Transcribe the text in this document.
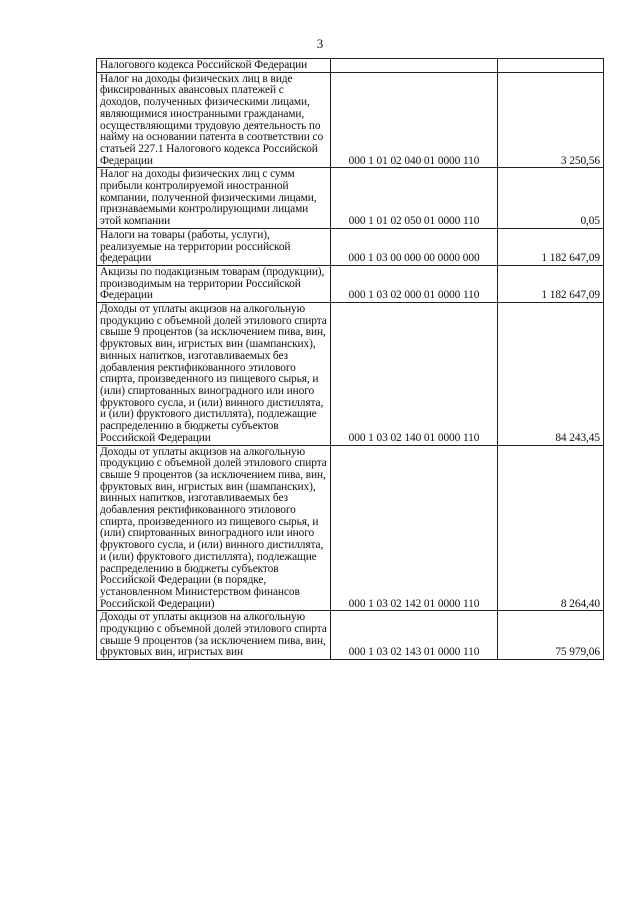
3
Налогового кодекса Российской Федерации		
Налог на доходы физических лиц в виде фиксированных авансовых платежей с доходов, полученных физическими лицами, являющимися иностранными гражданами, осуществляющими трудовую деятельность по найму на основании патента в соответствии со статьей 227.1 Налогового кодекса Российской Федерации	000 1 01 02 040 01 0000 110	3 250,56
Налог на доходы физических лиц с сумм прибыли контролируемой иностранной компании, полученной физическими лицами, признаваемыми контролирующими лицами этой компании	000 1 01 02 050 01 0000 110	0,05
Налоги на товары (работы, услуги), реализуемые на территории российской федерации	000 1 03 00 000 00 0000 000	1 182 647,09
Акцизы по подакцизным товарам (продукции), производимым на территории Российской Федерации	000 1 03 02 000 01 0000 110	1 182 647,09
Доходы от уплаты акцизов на алкогольную продукцию с объемной долей этилового спирта свыше 9 процентов (за исключением пива, вин, фруктовых вин, игристых вин (шампанских), винных напитков, изготавливаемых без добавления ректификованного этилового спирта, произведенного из пищевого сырья, и (или) спиртованных виноградного или иного фруктового сусла, и (или) винного дистиллята, и (или) фруктового дистиллята), подлежащие распределению в бюджеты субъектов Российской Федерации	000 1 03 02 140 01 0000 110	84 243,45
Доходы от уплаты акцизов на алкогольную продукцию с объемной долей этилового спирта свыше 9 процентов (за исключением пива, вин, фруктовых вин, игристых вин (шампанских), винных напитков, изготавливаемых без добавления ректификованного этилового спирта, произведенного из пищевого сырья, и (или) спиртованных виноградного или иного фруктового сусла, и (или) винного дистиллята, и (или) фруктового дистиллята), подлежащие распределению в бюджеты субъектов Российской Федерации (в порядке, установленном Министерством финансов Российской Федерации)	000 1 03 02 142 01 0000 110	8 264,40
Доходы от уплаты акцизов на алкогольную продукцию с объемной долей этилового спирта свыше 9 процентов (за исключением пива, вин, фруктовых вин, игристых вин	000 1 03 02 143 01 0000 110	75 979,06
